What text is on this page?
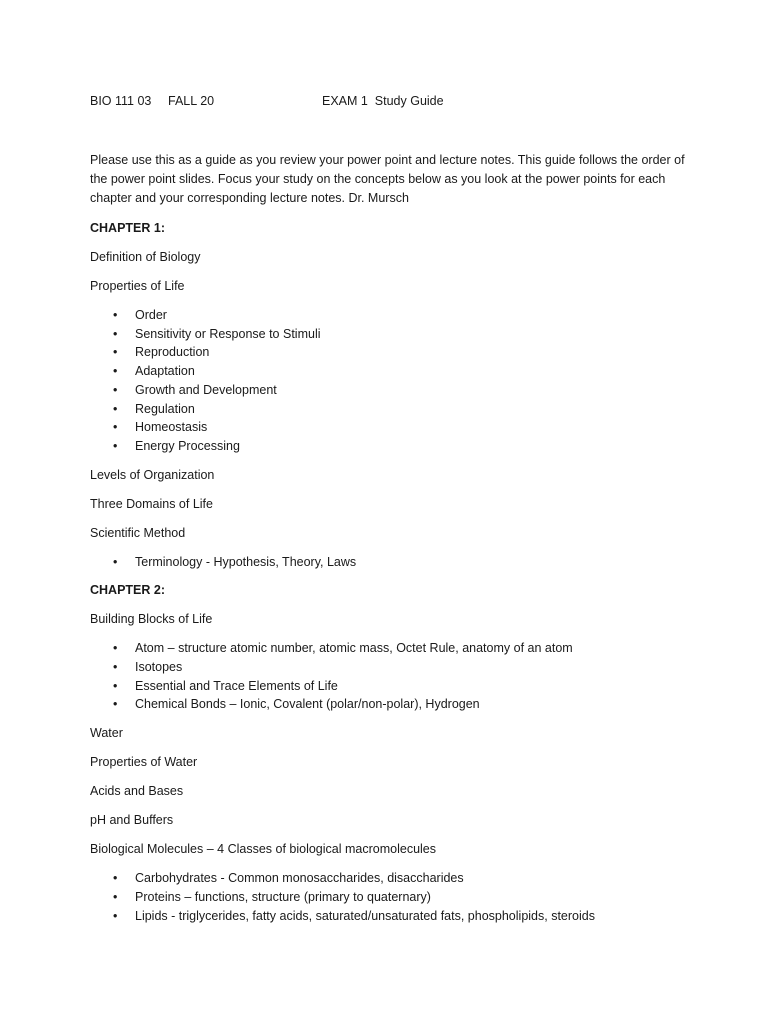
BIO 111 03 FALL 20	EXAM 1  Study Guide

Please use this as a guide as you review your power point and lecture notes. This guide follows the order of the power point slides. Focus your study on the concepts below as you look at the power points for each chapter and your corresponding lecture notes. Dr. Mursch

CHAPTER 1:

Definition of Biology

Properties of Life

• Order
• Sensitivity or Response to Stimuli
• Reproduction
• Adaptation
• Growth and Development
• Regulation
• Homeostasis
• Energy Processing

Levels of Organization

Three Domains of Life

Scientific Method

• Terminology - Hypothesis, Theory, Laws

CHAPTER 2:

Building Blocks of Life

• Atom – structure atomic number, atomic mass, Octet Rule, anatomy of an atom
• Isotopes
• Essential and Trace Elements of Life
• Chemical Bonds – Ionic, Covalent (polar/non-polar), Hydrogen

Water

Properties of Water

Acids and Bases

pH and Buffers

Biological Molecules – 4 Classes of biological macromolecules

• Carbohydrates - Common monosaccharides, disaccharides
• Proteins – functions, structure (primary to quaternary)
• Lipids - triglycerides, fatty acids, saturated/unsaturated fats, phospholipids, steroids
